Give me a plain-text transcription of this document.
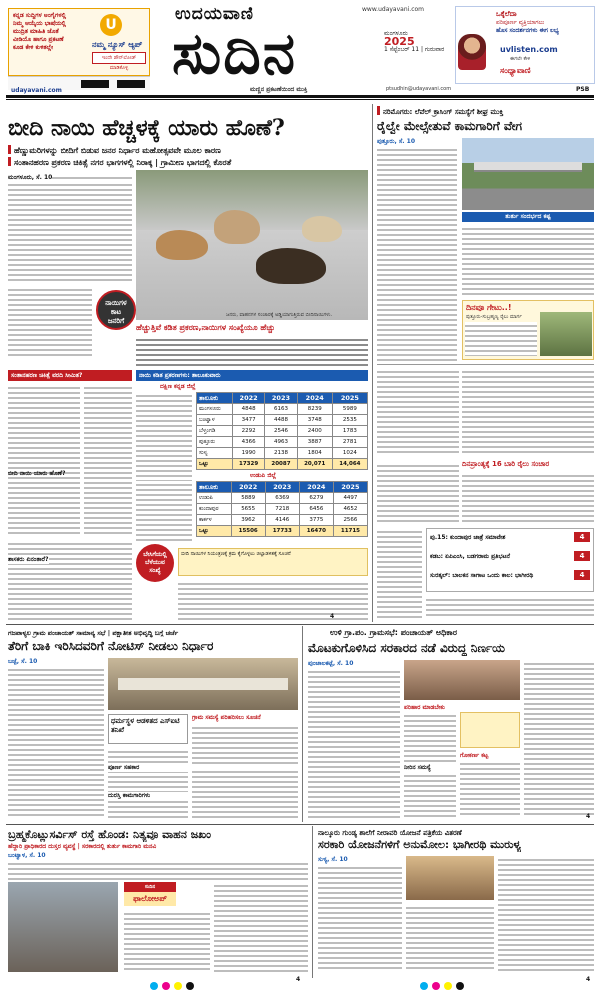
ಕನ್ನಡ ಸುದ್ದಿಗಳ ಅಂಗೈಗಳಲ್ಲಿ
ನಿಮ್ಮ ಆಯ್ಕೆಯ ಭಾಷೆಯಲ್ಲಿ
ಮುದ್ರಿತ ಮಾಹಿತಿ ಜೊತೆ
ವೀಡಿಯೊ ಹಾಗೂ ಪ್ರಕಟಣೆ
ಕೂಡ ಕೇಳಿ ಕುಳಿತಲ್ಲೇ
U
ನಮ್ಮ ನ್ಯೂಸ್ ಆ್ಯಪ್
ಇಂದೇ ಡೌನ್‌ಲೋಡ್ ಮಾಡಿಕೊಳ್ಳಿ
udayavani.com
ಉದಯವಾಣಿ	www.udayavani.com
ಸುದಿನ	ಮಂಗಳೂರು
2025
1 ಸೆಪ್ಟೆಂಬರ್ 11 | ಗುರುವಾರ
ಮಣ್ಣಿನ ಪ್ರಕಟಣೆಯಿಂದ ಮುಕ್ತಿ	ptsudhin@udayavani.com	PSB
ಒಕ್ಕೆಲೆದಾ
ಪರಿಪೂರ್ಣ ವ್ಯಕ್ತಿಯಾಗಲು
ಹೊಸ ಸಂದರ್ಶನಗಳು ಈಗ ಲಭ್ಯ
uvlisten.com
ಈಗಲೇ ಕೇಳಿ
ಸಂಧ್ಯಾವಾಣಿ
ಬೀದಿ ನಾಯಿ ಹೆಚ್ಚಳಕ್ಕೆ ಯಾರು ಹೊಣೆ?
ಹೆಣ್ಣುಮರಿಗಳನ್ನು ಬೀದಿಗೆ ಬಿಡುವ ಜನರ ನಿರ್ಧಾರ ಮಹೋತ್ಸವವೇ ಮೂಲ ಕಾರಣ
ಸಂತಾನಹರಣ ಪ್ರಕರಣ ಚಿಕಿತ್ಸೆ ನಗರ ಭಾಗಗಳಲ್ಲಿ ನಿರಾಕ್ಕ | ಗ್ರಾಮೀಣ ಭಾಗದಲ್ಲಿ ಕೊರತೆ
ಮಂಗಳೂರು, ಸೆ. 10
ಜನರು, ವಾಹನಗಳ ಸಂಚಾರಕ್ಕೆ ಅಡ್ಡಿಯಾಗುತ್ತಿರುವ ಬೀದಿನಾಯಿಗಳು.
ನಾಯಿಗಳ
ಕಾಟ
ಜನರಿಗೆ
ಹೆಚ್ಚುತ್ತಿವೆ ಕಡಿತ ಪ್ರಕರಣ,ನಾಯಿಗಳ ಸಂಖ್ಯೆಯೂ ಹೆಚ್ಚು
ಸಂತಾನಹರಣ ಚಿಕಿತ್ಸೆ ವರದಿ ಸೀಮಿತ?
ಬೀದಿ ನಾಯಿ ಯಾರು ಹೊಣೆ?
ಶಾಸಕರು ಏನಂತಾರೆ?
ನಾಯಿ ಕಡಿತ ಪ್ರಕರಣಗಳು: ತಾಲೂಕುವಾರು
ದಕ್ಷಿಣ ಕನ್ನಡ ಜಿಲ್ಲೆ
ತಾಲೂಕು	2022	2023	2024	2025
ಮಂಗಳೂರು	4848	6163	8239	5989
ಬಂಟ್ವಾಳ	3477	4488	3748	2535
ಬೆಳ್ತಂಗಡಿ	2292	2546	2400	1783
ಪುತ್ತೂರು	4366	4963	3887	2781
ಸುಳ್ಯ	1990	2138	1804	1024
ಒಟ್ಟು	17329	20087	20,071	14,064
ಉಡುಪಿ ಜಿಲ್ಲೆ
ತಾಲೂಕು	2022	2023	2024	2025
ಉಡುಪಿ	5889	6369	6279	4497
ಕುಂದಾಪುರ	5655	7218	6456	4652
ಕಾರ್ಕಳ	3962	4146	3775	2566
ಒಟ್ಟು	15506	17733	16470	11715
ಬೇಸಿಗೆಯಲ್ಲಿ
ಬೆಳೆಯುವ
ಸಂಖ್ಯೆ
ಬೀದಿ ನಾಯಿಗಳ ನಿಯಂತ್ರಣಕ್ಕೆ ಕ್ರಮ ಕೈಗೊಳ್ಳಲು ಜಿಲ್ಲಾಡಳಿತಕ್ಕೆ ಸೂಚನೆ
ನರಿಮೊಗರು: ಲೆವೆಲ್ ಕ್ರಾಸಿಂಗ್ ಸಮಸ್ಯೆಗೆ ಶೀಘ್ರ ಮುಕ್ತಿ
ರೈಲ್ವೇ ಮೇಲ್ಸೇತುವೆ ಕಾಮಗಾರಿಗೆ ವೇಗ
ಪುತ್ತೂರು, ಸೆ. 10
ತುರ್ತು ಸಂದರ್ಭದ ಕಷ್ಟ
ದಿನವೂ ಗೇಟು..!
ಪುತ್ತೂರು-ಸುಬ್ರಹ್ಮಣ್ಯ ರೈಲು ಮಾರ್ಗ
ದಿನಪ್ರಾಂತ್ಯಕ್ಕೆ 16 ಬಾರಿ ರೈಲು ಸಂಚಾರ
ಪು.15: ಕುಂದಾಪುರ ಜಾತ್ರೆ ಸಮಾವೇಶ	4
ಕಡಬ: ಏಪಿಎಂಸಿ, ಬಡಗರಾಮ ಪ್ರತಿಭಟನೆ	4
ಸುರತ್ಕಲ್: ಬಾಲಕನ ಸಾಗಾಟ ಒಂದು ಕಾಲ: ಭಾಗೀರಥಿ	4
ಗಜಪಾಳ್ಯಲ ಗ್ರಾಮ ಪಂಚಾಯತ್ ಸಾಮಾನ್ಯ ಸಭೆ | ಪಕ್ಷಾತೀತ ಅಭಿವೃದ್ಧಿ ಬಗ್ಗೆ ಚರ್ಚೆ
ತೆರಿಗೆ ಬಾಕಿ ಇರಿಸಿದವರಿಗೆ ನೋಟಿಸ್ ನೀಡಲು ನಿರ್ಧಾರ
ಬಜ್ಪೆ, ಸೆ. 10
ಧರ್ಮಸ್ಥಳ ಆಡಳಿತದ ಎಸ್‌ಐಟಿ ತನಿಖೆ
ಗ್ರಾಮ ಸಮಸ್ಯೆ ಪರಿಹರಿಸಲು ಸೂಚನೆ
ಪೂರ್ಣ ಸಹಕಾರ
ದುರಸ್ತಿ ಕಾಮಗಾರಿಗಳು
ಉಳಿ ಗ್ರಾ.ಪಂ. ಗ್ರಾಮಸಭೆ: ಪಂಚಾಯತ್ ಅಧಿಕಾರ
ಮೊಟಕುಗೊಳಿಸಿದ ಸರಕಾರದ ನಡೆ ವಿರುದ್ಧ ನಿರ್ಣಯ
ಪುಂಜಾಲಕಟ್ಟೆ, ಸೆ. 10
ಪರಿಹಾರ ಮಾಡಬೇಕು
ಗೋಕರ್ಣ ಕಟ್ಟ
ನೀರಿನ ಸಮಸ್ಯೆ
ಬ್ರಹ್ಮಕೊಟ್ಲುಸರ್ವಿಸ್ ರಸ್ತೆ ಹೊಂಡ: ನಿತ್ಯವೂ ವಾಹನ ಜಖಂ
ಹೆದ್ದಾರಿ ಪ್ರಾಧಿಕಾರದ ದುಸ್ತರ ವ್ಯವಸ್ಥೆ | ಸರಕಾರದಲ್ಲಿ ತುರ್ತು ಕಾಮಗಾರಿ ಮನವಿ
ಬಂಟ್ವಾಳ, ಸೆ. 10
ಸುದಿನ
ಫಾಲೋಅಪ್
ನಾಲ್ಕೂರು ಗುಂಡ್ಯ ಶಾಲೆಗೆ ನೀರಾವರಿ ಯೋಜನೆ ಪತ್ರಿಕೆಯ ವಿತರಣೆ
ಸರಕಾರಿ ಯೋಜನೆಗಳಿಗೆ ಅನುಮೋಲ: ಭಾಗೀರಥಿ ಮುರುಳ್ಯ
ಸುಳ್ಯ, ಸೆ. 10
4	4
4
4
